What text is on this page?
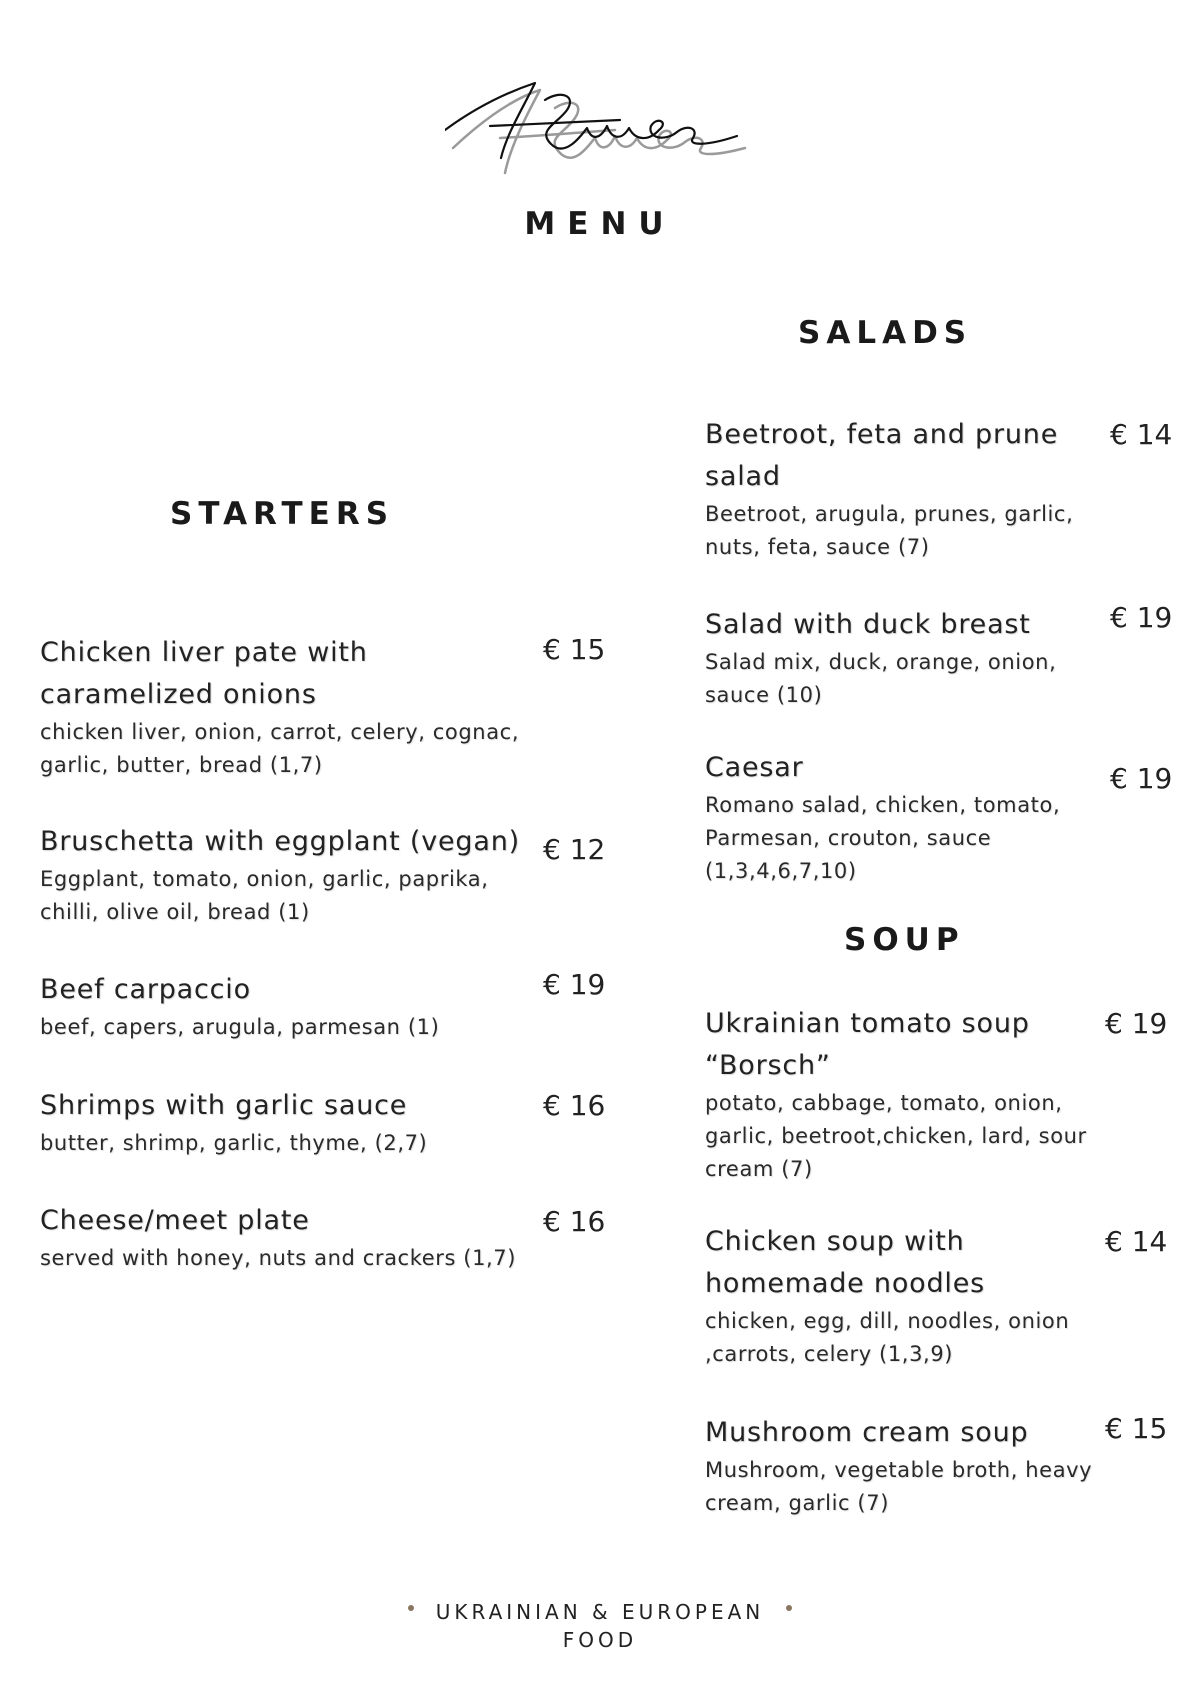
MENU
STARTERS
Chicken liver pate with caramelized onions
chicken liver, onion, carrot, celery, cognac, garlic, butter, bread (1,7)
€ 15
Bruschetta with eggplant (vegan)
Eggplant, tomato, onion, garlic, paprika, chilli, olive oil, bread (1)
€ 12
Beef carpaccio
beef, capers, arugula, parmesan (1)
€ 19
Shrimps with garlic sauce
butter, shrimp, garlic, thyme, (2,7)
€ 16
Cheese/meet plate
served with honey, nuts and crackers (1,7)
€ 16
SALADS
Beetroot, feta and prune salad
Beetroot, arugula, prunes, garlic, nuts, feta, sauce (7)
€ 14
Salad with duck breast
Salad mix, duck, orange, onion, sauce (10)
€ 19
Caesar
Romano salad, chicken, tomato, Parmesan, crouton, sauce (1,3,4,6,7,10)
€ 19
SOUP
Ukrainian tomato soup “Borsch”
potato, cabbage, tomato, onion, garlic, beetroot,chicken, lard, sour cream (7)
€ 19
Chicken soup with homemade noodles
chicken, egg, dill, noodles, onion ,carrots, celery (1,3,9)
€ 14
Mushroom cream soup
Mushroom, vegetable broth, heavy cream, garlic (7)
€ 15
UKRAINIAN & EUROPEAN
FOOD
